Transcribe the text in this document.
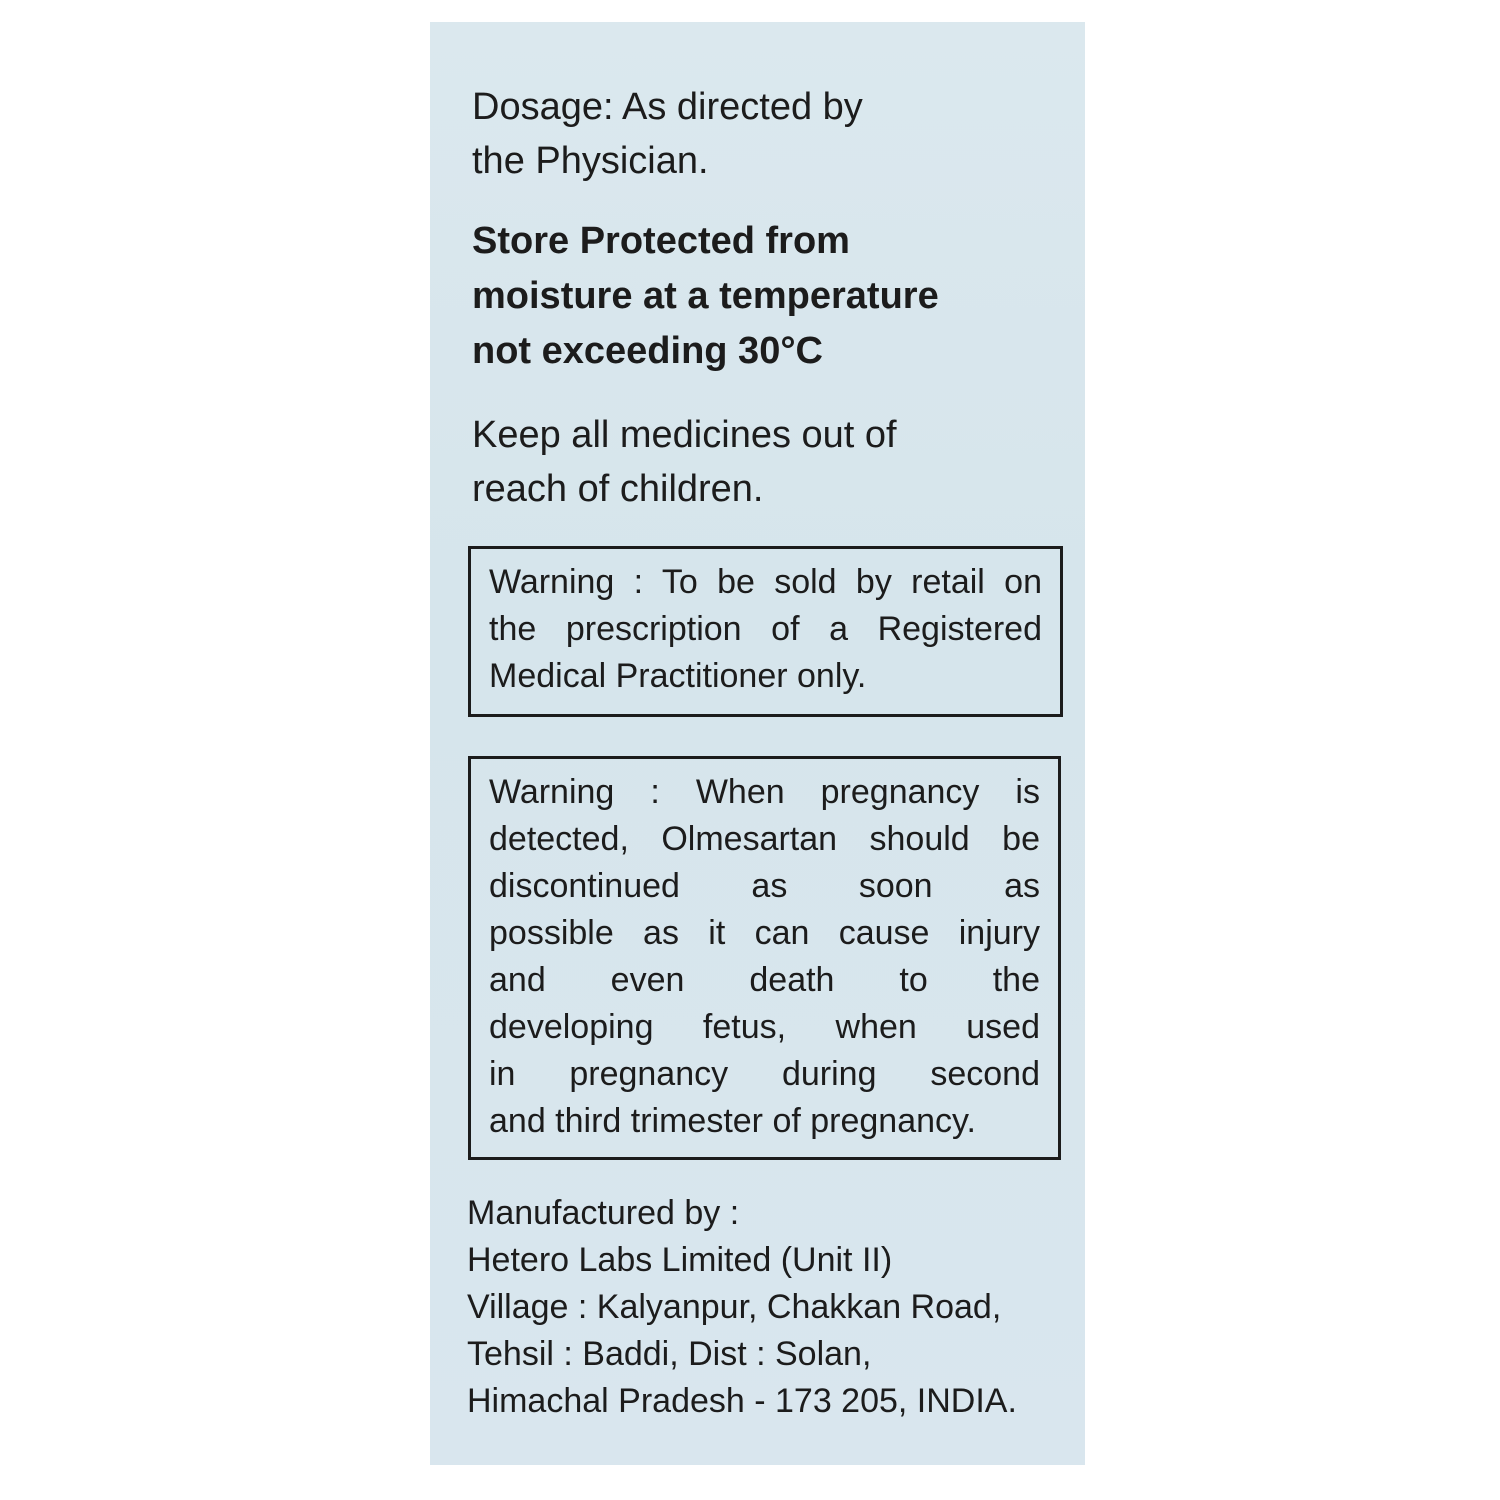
Dosage: As directed by
the Physician.

Store Protected from
moisture at a temperature
not exceeding 30°C

Keep all medicines out of
reach of children.

Warning : To be sold by retail on
the prescription of a Registered
Medical Practitioner only.
Warning : When pregnancy is
detected, Olmesartan should be
discontinued as soon as
possible as it can cause injury
and even death to the
developing fetus, when used
in pregnancy during second
and third trimester of pregnancy.
Manufactured by :
Hetero Labs Limited (Unit II)
Village : Kalyanpur, Chakkan Road,
Tehsil : Baddi, Dist : Solan,
Himachal Pradesh - 173 205, INDIA.
